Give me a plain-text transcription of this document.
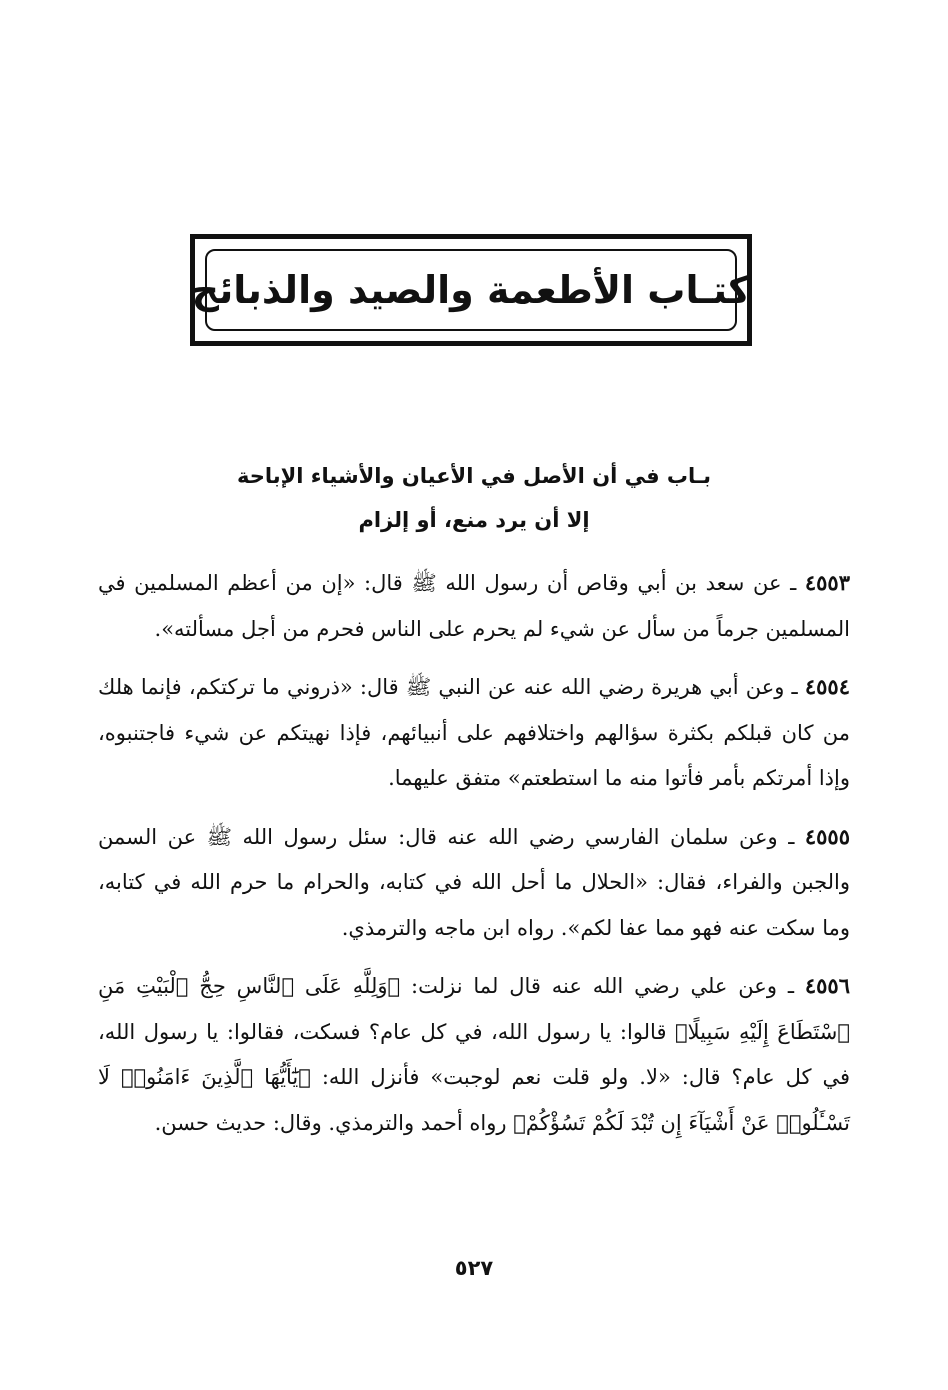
كتـاب الأطعمة والصيد والذبائح
بـاب في أن الأصل في الأعيان والأشياء الإباحة
إلا أن يرد منع، أو إلزام

٤٥٥٣ ـ عن سعد بن أبي وقاص أن رسول الله ﷺ قال: «إن من أعظم المسلمين في المسلمين جرماً من سأل عن شيء لم يحرم على الناس فحرم من أجل مسألته».

٤٥٥٤ ـ وعن أبي هريرة رضي الله عنه عن النبي ﷺ قال: «ذروني ما تركتكم، فإنما هلك من كان قبلكم بكثرة سؤالهم واختلافهم على أنبيائهم، فإذا نهيتكم عن شيء فاجتنبوه، وإذا أمرتكم بأمر فأتوا منه ما استطعتم» متفق عليهما.

٤٥٥٥ ـ وعن سلمان الفارسي رضي الله عنه قال: سئل رسول الله ﷺ عن السمن والجبن والفراء، فقال: «الحلال ما أحل الله في كتابه، والحرام ما حرم الله في كتابه، وما سكت عنه فهو مما عفا لكم». رواه ابن ماجه والترمذي.

٤٥٥٦ ـ وعن علي رضي الله عنه قال لما نزلت: ﴿وَلِلَّهِ عَلَى ٱلنَّاسِ حِجُّ ٱلْبَيْتِ مَنِ ٱسْتَطَاعَ إِلَيْهِ سَبِيلًا﴾ قالوا: يا رسول الله، في كل عام؟ فسكت، فقالوا: يا رسول الله، في كل عام؟ قال: «لا. ولو قلت نعم لوجبت» فأنزل الله: ﴿يَٰٓأَيُّهَا ٱلَّذِينَ ءَامَنُوا۟ لَا تَسْـَٔلُوا۟ عَنْ أَشْيَآءَ إِن تُبْدَ لَكُمْ تَسُؤْكُمْ﴾ رواه أحمد والترمذي. وقال: حديث حسن.

٥٢٧
